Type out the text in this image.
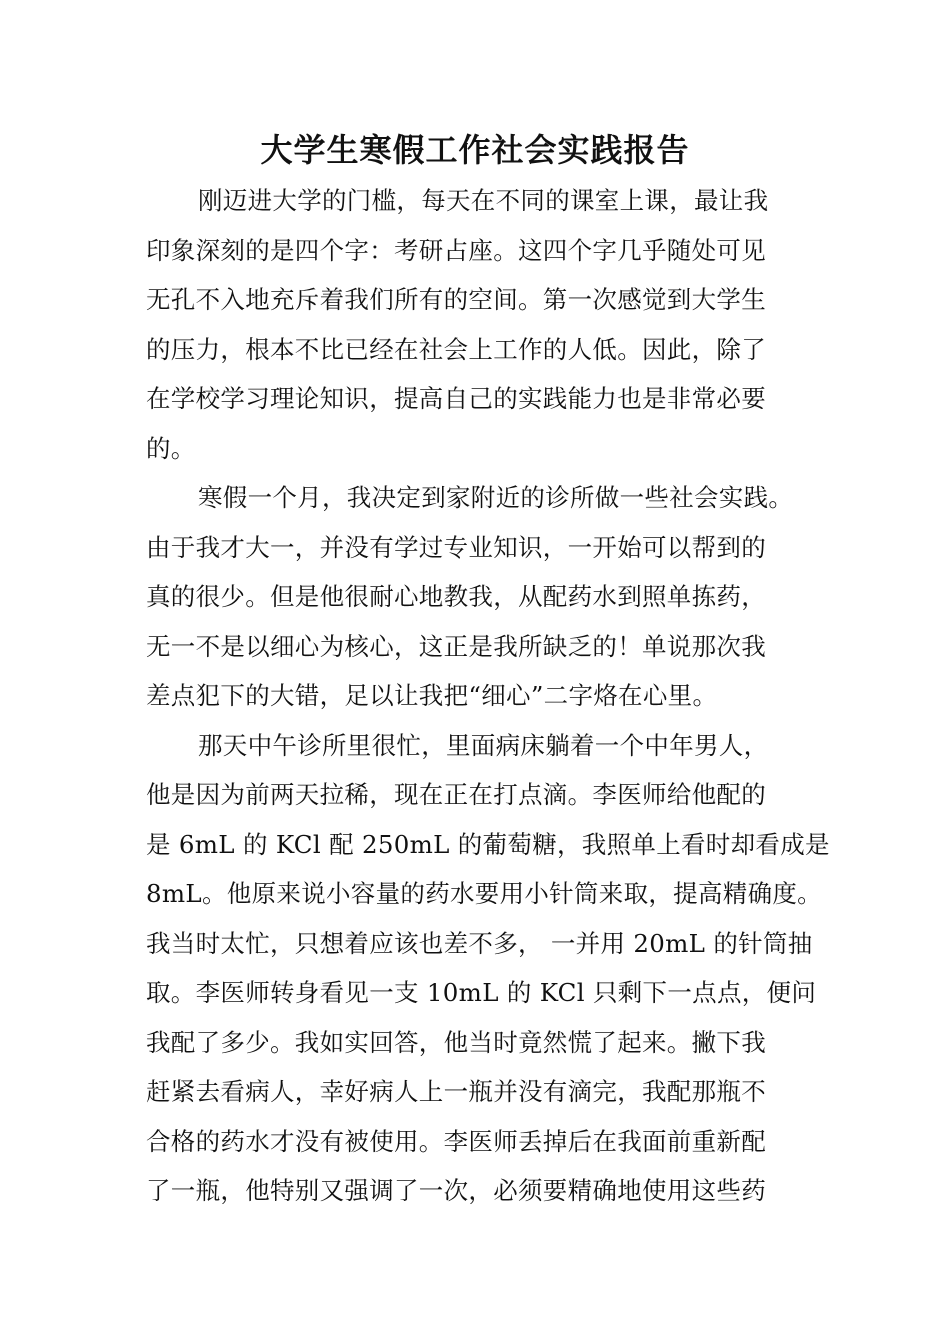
大学生寒假工作社会实践报告
刚迈进大学的门槛，每天在不同的课室上课，最让我
印象深刻的是四个字：考研占座。这四个字几乎随处可见
无孔不入地充斥着我们所有的空间。第一次感觉到大学生
的压力，根本不比已经在社会上工作的人低。因此，除了
在学校学习理论知识，提高自己的实践能力也是非常必要
的。
寒假一个月，我决定到家附近的诊所做一些社会实践。
由于我才大一，并没有学过专业知识，一开始可以帮到的
真的很少。但是他很耐心地教我，从配药水到照单拣药，
无一不是以细心为核心，这正是我所缺乏的！单说那次我
差点犯下的大错，足以让我把“细心”二字烙在心里。
那天中午诊所里很忙，里面病床躺着一个中年男人，
他是因为前两天拉稀，现在正在打点滴。李医师给他配的
是 6mL 的 KCl 配 250mL 的葡萄糖，我照单上看时却看成是
8mL。他原来说小容量的药水要用小针筒来取，提高精确度。
我当时太忙，只想着应该也差不多， 一并用 20mL 的针筒抽
取。李医师转身看见一支 10mL 的 KCl 只剩下一点点，便问
我配了多少。我如实回答，他当时竟然慌了起来。撇下我
赶紧去看病人，幸好病人上一瓶并没有滴完，我配那瓶不
合格的药水才没有被使用。李医师丢掉后在我面前重新配
了一瓶，他特别又强调了一次，必须要精确地使用这些药
